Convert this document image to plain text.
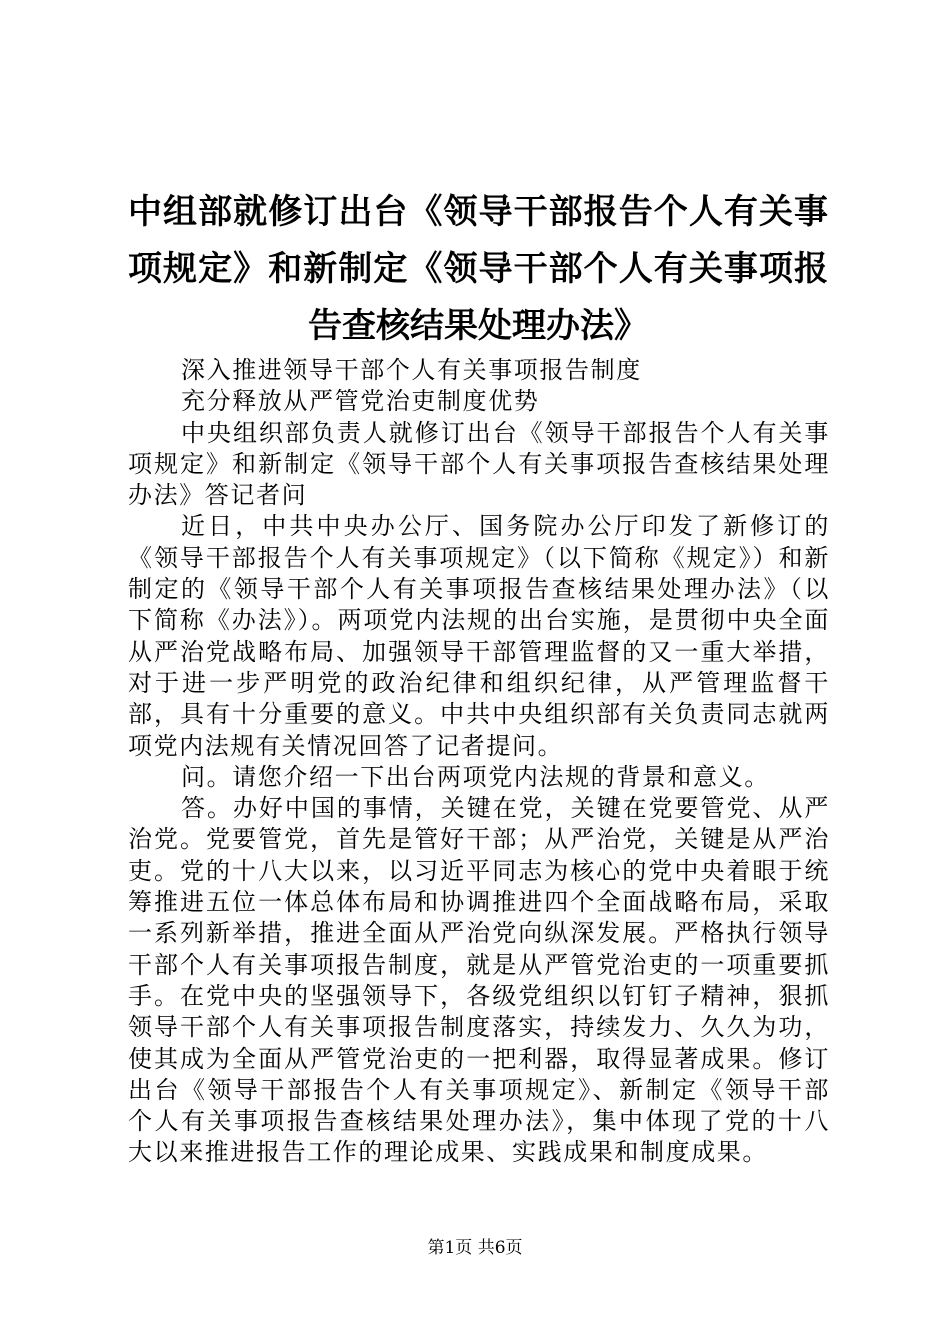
中组部就修订出台《领导干部报告个人有关事项规定》和新制定《领导干部个人有关事项报告查核结果处理办法》

深入推进领导干部个人有关事项报告制度

充分释放从严管党治吏制度优势

中央组织部负责人就修订出台《领导干部报告个人有关事项规定》和新制定《领导干部个人有关事项报告查核结果处理办法》答记者问

近日，中共中央办公厅、国务院办公厅印发了新修订的《领导干部报告个人有关事项规定》（以下简称《规定》）和新制定的《领导干部个人有关事项报告查核结果处理办法》（以下简称《办法》）。两项党内法规的出台实施，是贯彻中央全面从严治党战略布局、加强领导干部管理监督的又一重大举措，对于进一步严明党的政治纪律和组织纪律，从严管理监督干部，具有十分重要的意义。中共中央组织部有关负责同志就两项党内法规有关情况回答了记者提问。

问。请您介绍一下出台两项党内法规的背景和意义。

答。办好中国的事情，关键在党，关键在党要管党、从严治党。党要管党，首先是管好干部；从严治党，关键是从严治吏。党的十八大以来，以习近平同志为核心的党中央着眼于统筹推进五位一体总体布局和协调推进四个全面战略布局，采取一系列新举措，推进全面从严治党向纵深发展。严格执行领导干部个人有关事项报告制度，就是从严管党治吏的一项重要抓手。在党中央的坚强领导下，各级党组织以钉钉子精神，狠抓领导干部个人有关事项报告制度落实，持续发力、久久为功，使其成为全面从严管党治吏的一把利器，取得显著成果。修订出台《领导干部报告个人有关事项规定》、新制定《领导干部个人有关事项报告查核结果处理办法》，集中体现了党的十八大以来推进报告工作的理论成果、实践成果和制度成果。

第1页 共6页
